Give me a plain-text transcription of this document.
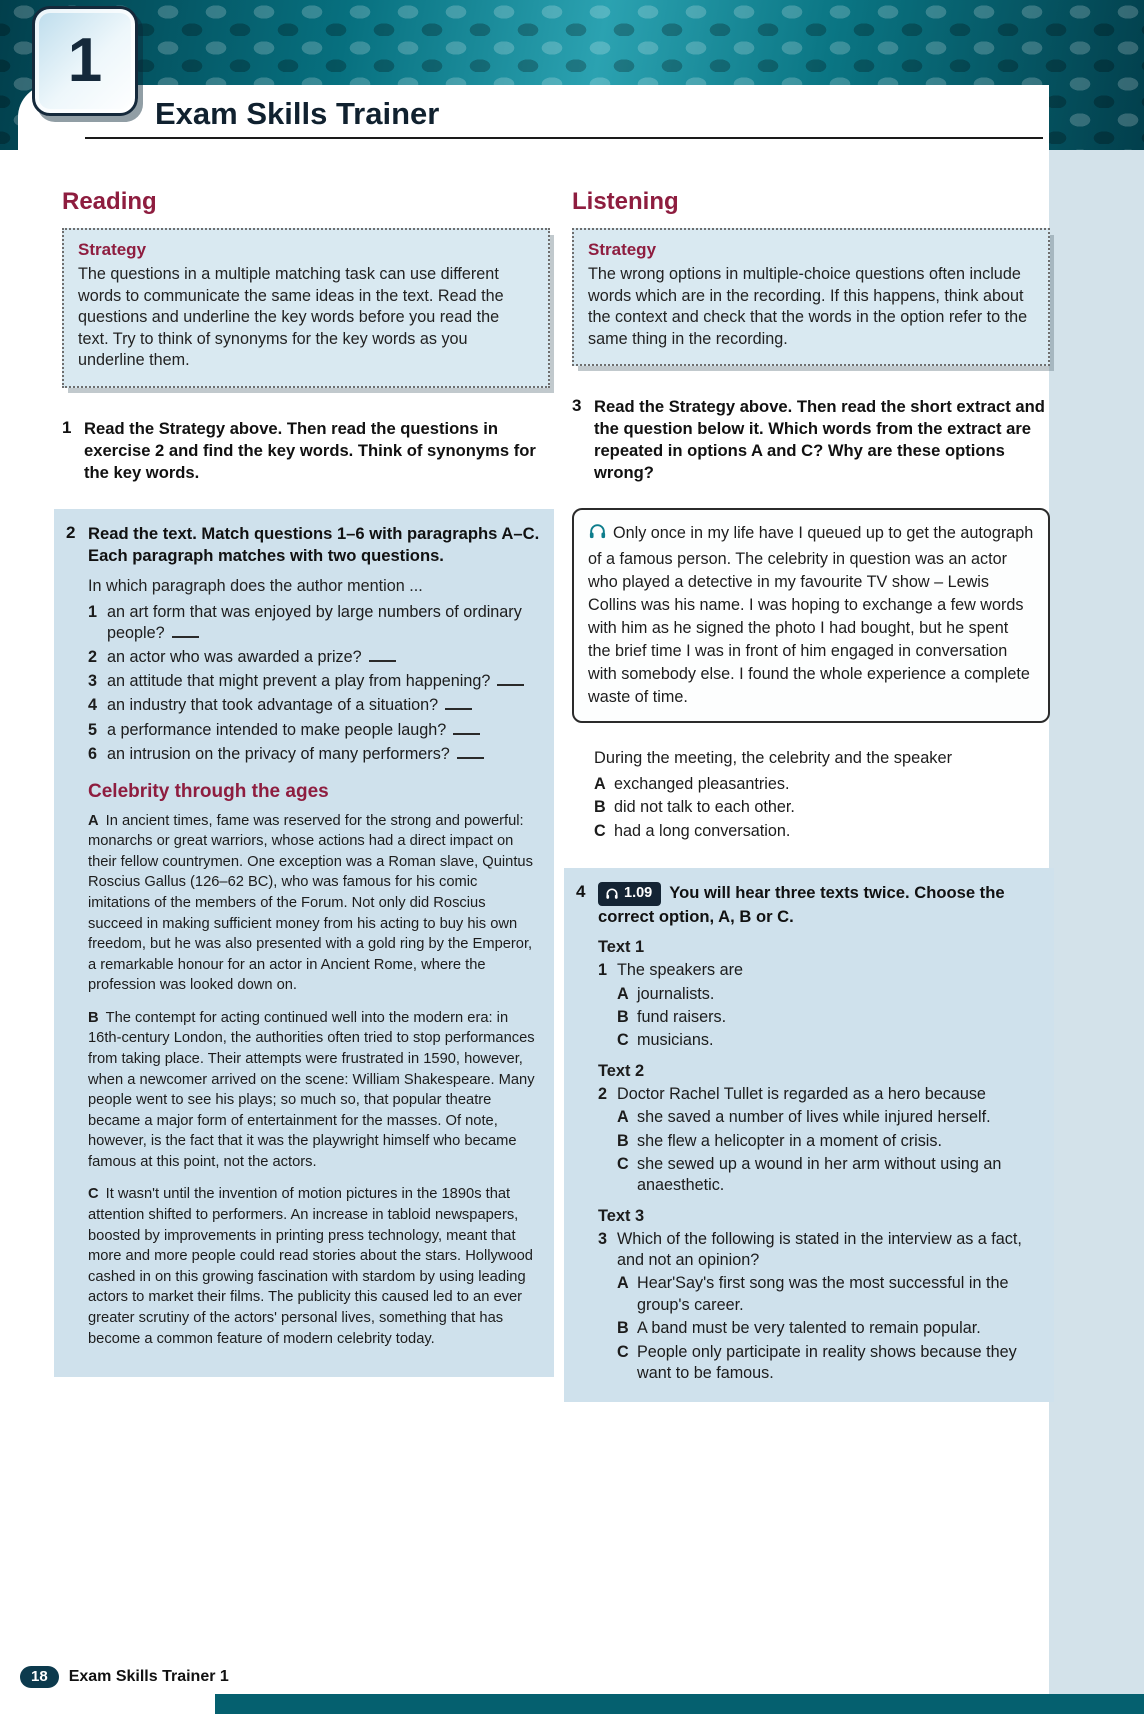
1
Exam Skills Trainer
Reading
Strategy
The questions in a multiple matching task can use different words to communicate the same ideas in the text. Read the questions and underline the key words before you read the text. Try to think of synonyms for the key words as you underline them.
1 Read the Strategy above. Then read the questions in exercise 2 and find the key words. Think of synonyms for the key words.
2 Read the text. Match questions 1–6 with paragraphs A–C. Each paragraph matches with two questions.
In which paragraph does the author mention ...
1 an art form that was enjoyed by large numbers of ordinary people?
2 an actor who was awarded a prize?
3 an attitude that might prevent a play from happening?
4 an industry that took advantage of a situation?
5 a performance intended to make people laugh?
6 an intrusion on the privacy of many performers?
Celebrity through the ages

A In ancient times, fame was reserved for the strong and powerful: monarchs or great warriors, whose actions had a direct impact on their fellow countrymen. One exception was a Roman slave, Quintus Roscius Gallus (126–62 BC), who was famous for his comic imitations of the members of the Forum. Not only did Roscius succeed in making sufficient money from his acting to buy his own freedom, but he was also presented with a gold ring by the Emperor, a remarkable honour for an actor in Ancient Rome, where the profession was looked down on.

B The contempt for acting continued well into the modern era: in 16th-century London, the authorities often tried to stop performances from taking place. Their attempts were frustrated in 1590, however, when a newcomer arrived on the scene: William Shakespeare. Many people went to see his plays; so much so, that popular theatre became a major form of entertainment for the masses. Of note, however, is the fact that it was the playwright himself who became famous at this point, not the actors.

C It wasn't until the invention of motion pictures in the 1890s that attention shifted to performers. An increase in tabloid newspapers, boosted by improvements in printing press technology, meant that more and more people could read stories about the stars. Hollywood cashed in on this growing fascination with stardom by using leading actors to market their films. The publicity this caused led to an ever greater scrutiny of the actors' personal lives, something that has become a common feature of modern celebrity today.

Listening
Strategy
The wrong options in multiple-choice questions often include words which are in the recording. If this happens, think about the context and check that the words in the option refer to the same thing in the recording.
3 Read the Strategy above. Then read the short extract and the question below it. Which words from the extract are repeated in options A and C? Why are these options wrong?
Only once in my life have I queued up to get the autograph of a famous person. The celebrity in question was an actor who played a detective in my favourite TV show – Lewis Collins was his name. I was hoping to exchange a few words with him as he signed the photo I had bought, but he spent the brief time I was in front of him engaged in conversation with somebody else. I found the whole experience a complete waste of time.
During the meeting, the celebrity and the speaker
A exchanged pleasantries.
B did not talk to each other.
C had a long conversation.
4	1.09 You will hear three texts twice. Choose the correct option, A, B or C.
Text 1
1 The speakers are
A journalists.
B fund raisers.
C musicians.
Text 2
2 Doctor Rachel Tullet is regarded as a hero because
A she saved a number of lives while injured herself.
B she flew a helicopter in a moment of crisis.
C she sewed up a wound in her arm without using an anaesthetic.
Text 3
3 Which of the following is stated in the interview as a fact, and not an opinion?
A Hear'Say's first song was the most successful in the group's career.
B A band must be very talented to remain popular.
C People only participate in reality shows because they want to be famous.
18	Exam Skills Trainer 1
